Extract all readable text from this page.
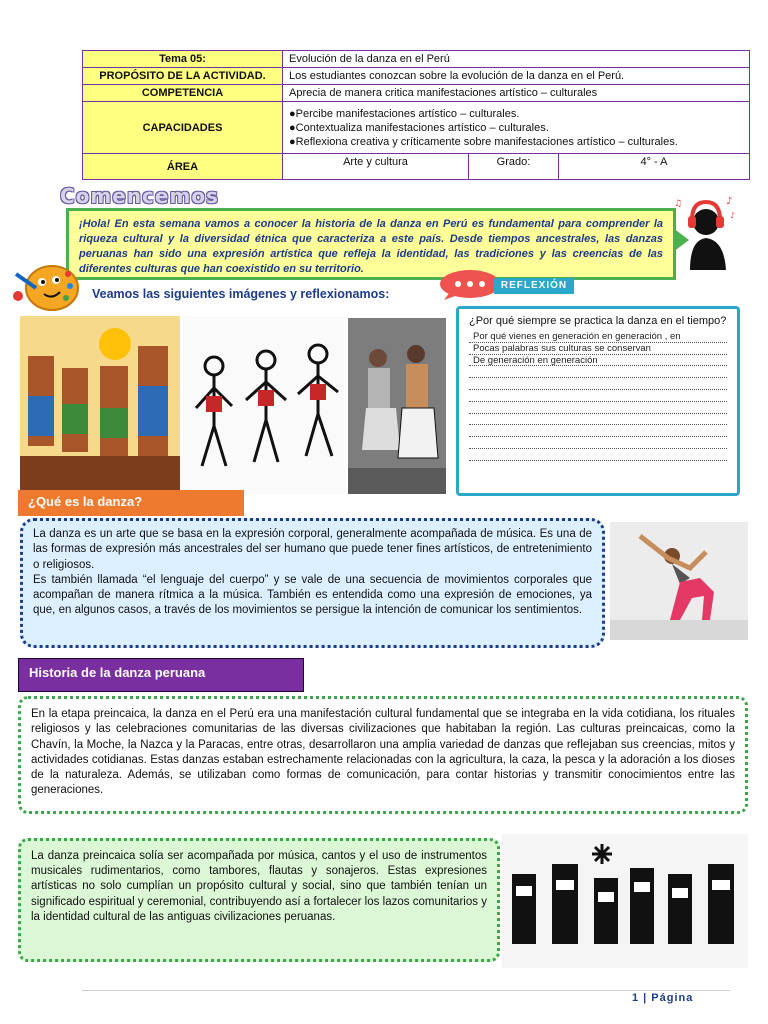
Tema 05:	Evolución de la danza en el Perú		
PROPÓSITO DE LA ACTIVIDAD.	Los estudiantes conozcan sobre la evolución de la danza en el Perú.		
COMPETENCIA	Aprecia de manera critica manifestaciones artístico – culturales		
CAPACIDADES	●Percibe manifestaciones artístico – culturales.
●Contextualiza manifestaciones artístico – culturales.
●Reflexiona creativa y críticamente sobre manifestaciones artístico – culturales.		

ÁREA	Arte y cultura	Grado:	4° - A
Comencemos
¡Hola! En esta semana vamos a conocer la historia de la danza en Perú es fundamental para comprender la riqueza cultural y la diversidad étnica que caracteriza a este país. Desde tiempos ancestrales, las danzas peruanas han sido una expresión artística que refleja la identidad, las tradiciones y las creencias de las diferentes culturas que han coexistido en su territorio.
♪
♫
♪
Veamos las siguientes imágenes y reflexionamos:
REFLEXIÓN
¿Por qué siempre se practica la danza en el tiempo?
Por qué vienes en generación en generación , en
Pocas palabras sus culturas se conservan
De generación en generación
¿Qué es la danza?

La danza es un arte que se basa en la expresión corporal, generalmente acompañada de música. Es una de las formas de expresión más ancestrales del ser humano que puede tener fines artísticos, de entretenimiento o religiosos.

Es también llamada “el lenguaje del cuerpo” y se vale de una secuencia de movimientos corporales que acompañan de manera rítmica a la música. También es entendida como una expresión de emociones, ya que, en algunos casos, a través de los movimientos se persigue la intención de comunicar los sentimientos.

Historia de la danza peruana
En la etapa preincaica, la danza en el Perú era una manifestación cultural fundamental que se integraba en la vida cotidiana, los rituales religiosos y las celebraciones comunitarias de las diversas civilizaciones que habitaban la región. Las culturas preincaicas, como la Chavín, la Moche, la Nazca y la Paracas, entre otras, desarrollaron una amplia variedad de danzas que reflejaban sus creencias, mitos y actividades cotidianas. Estas danzas estaban estrechamente relacionadas con la agricultura, la caza, la pesca y la adoración a los dioses de la naturaleza. Además, se utilizaban como formas de comunicación, para contar historias y transmitir conocimientos entre las generaciones.
La danza preincaica solía ser acompañada por música, cantos y el uso de instrumentos musicales rudimentarios, como tambores, flautas y sonajeros. Estas expresiones artísticas no solo cumplían un propósito cultural y social, sino que también tenían un significado espiritual y ceremonial, contribuyendo así a fortalecer los lazos comunitarios y la identidad cultural de las antiguas civilizaciones peruanas.
1 | Página
